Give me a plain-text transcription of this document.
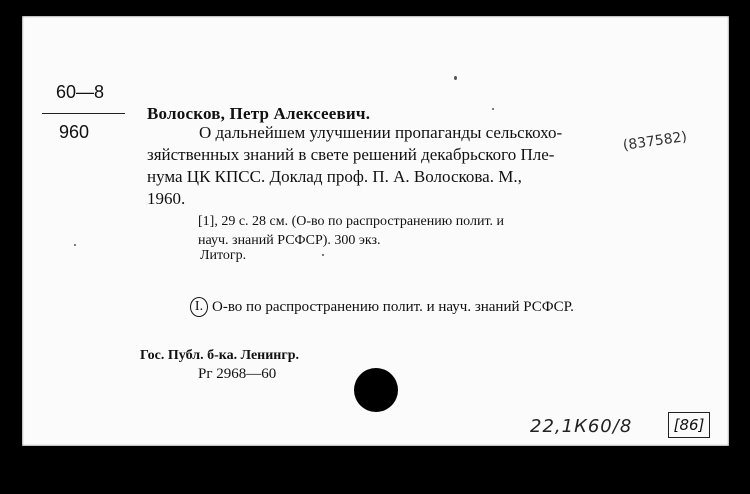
60—8
960
Волосков, Петр Алексеевич.
О дальнейшем улучшении пропаганды сельскохо-
зяйственных знаний в свете решений декабрьского Пле-
нума ЦК КПСС. Доклад проф. П. А. Волоскова. М.,
1960.
(837582)
[1], 29 с. 28 см. (О-во по распространению полит. и
науч. знаний РСФСР). 300 экз.
Литогр.
I. О-во по распространению полит. и науч. знаний РСФСР.
Гос. Публ. б-ка. Ленингр.
Рг 2968—60
22,1К60/8	[86]
